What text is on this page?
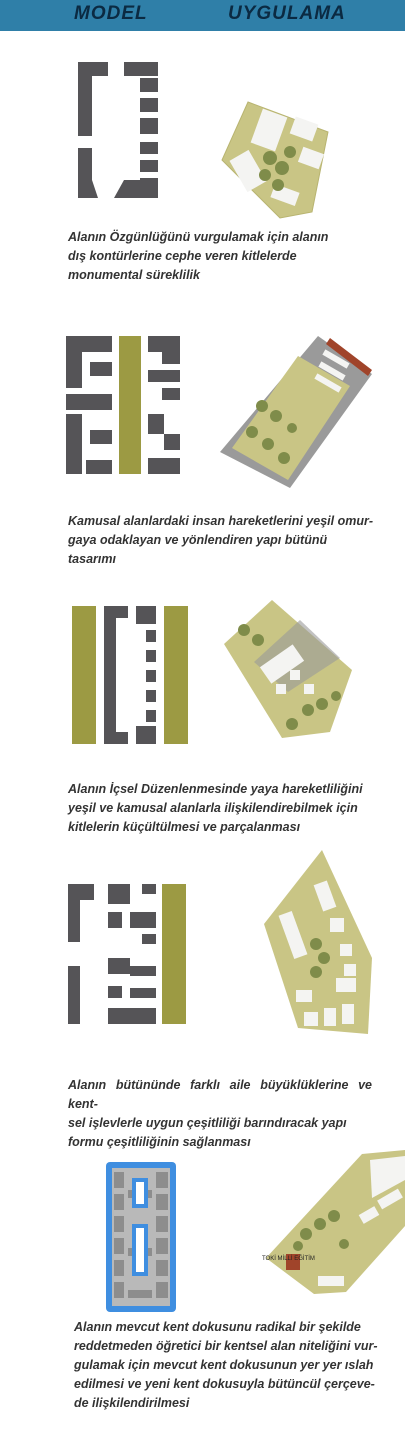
MODEL	UYGULAMA

Alanın Özgünlüğünü vurgulamak için alanın
dış kontürlerine cephe veren kitlelerde
monumental süreklilik

Kamusal alanlardaki insan hareketlerini yeşil omur-
gaya odaklayan ve yönlendiren yapı bütünü
tasarımı

Alanın İçsel Düzenlenmesinde yaya hareketliliğini
yeşil ve kamusal alanlarla ilişkilendirebilmek için
kitlelerin küçültülmesi ve parçalanması

Alanın bütününde farklı aile büyüklüklerine ve kent-
sel işlevlerle uygun çeşitliliği barındıracak yapı
formu çeşitliliğinin sağlanması

TOKİ MİLLİ EĞİTİM

Alanın mevcut kent dokusunu radikal bir şekilde
reddetmeden öğretici bir kentsel alan niteliğini vur-
gulamak için mevcut kent dokusunun yer yer ıslah
edilmesi ve yeni kent dokusuyla bütüncül çerçeve-
de ilişkilendirilmesi
